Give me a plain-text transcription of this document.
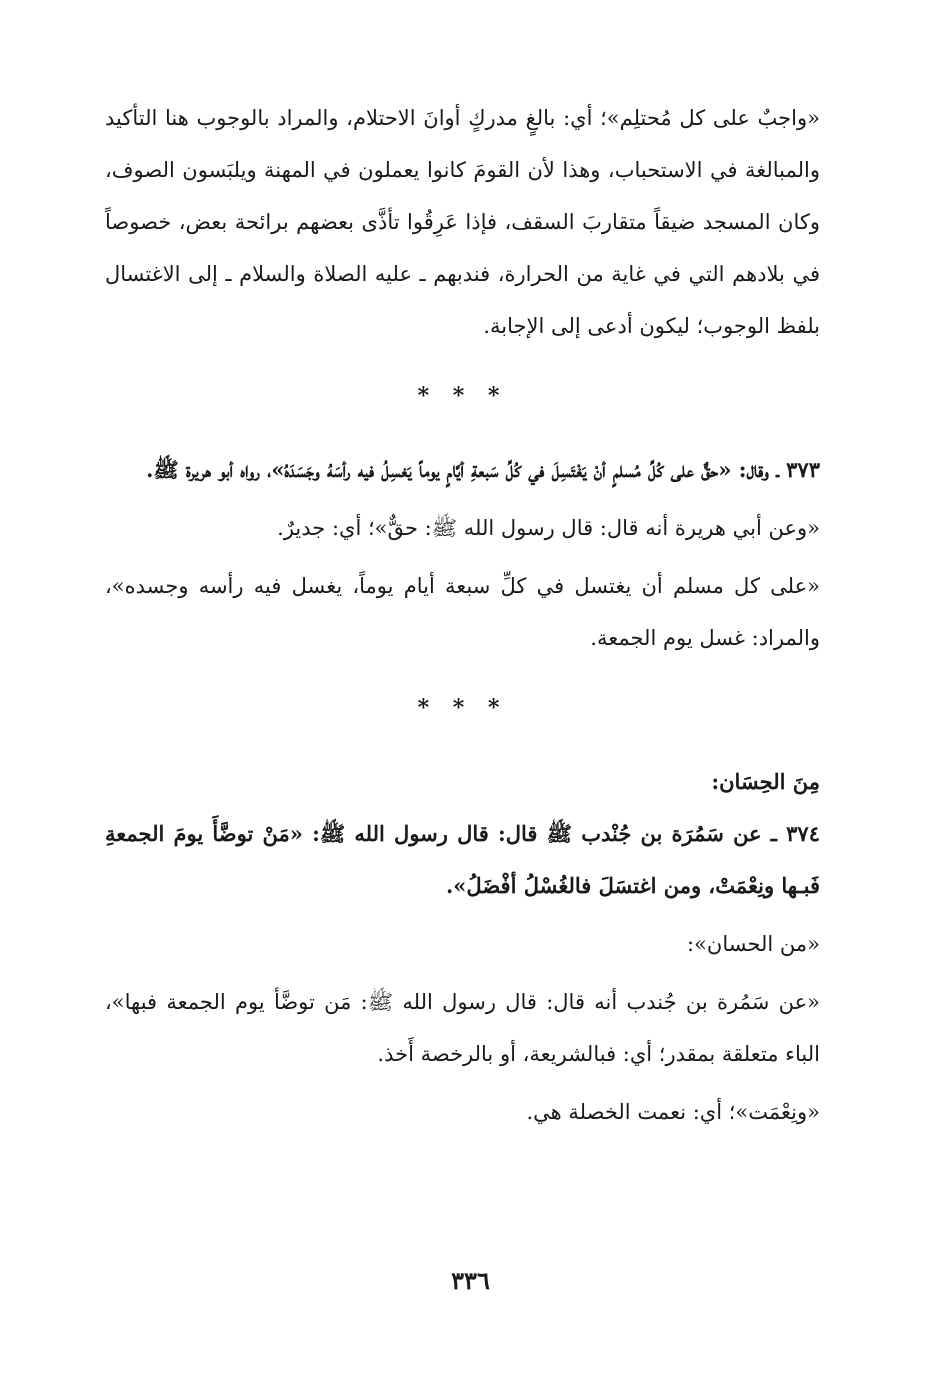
«واجبٌ على كل مُحتلِم»؛ أي: بالغٍ مدركٍ أوانَ الاحتلام، والمراد بالوجوب هنا التأكيد والمبالغة في الاستحباب، وهذا لأن القومَ كانوا يعملون في المهنة ويلبَسون الصوف، وكان المسجد ضيقاً متقاربَ السقف، فإذا عَرِقُوا تأذَّى بعضهم برائحة بعض، خصوصاً في بلادهم التي في غاية من الحرارة، فندبهم ـ عليه الصلاة والسلام ـ إلى الاغتسال بلفظ الوجوب؛ ليكون أدعى إلى الإجابة.

* * *

٣٧٣ ـ وقال: «حقٌّ على كُلِّ مُسلمٍ أنْ يَغْتَسِلَ في كُلِّ سَبعةِ أيَّامٍ يوماً يَغسِلُ فيه رأسَهُ وجَسَدَهُ»، رواه أبو هريرة ﷺ.

«وعن أبي هريرة أنه قال: قال رسول الله ﷺ: حقٌّ»؛ أي: جديرٌ.

«على كل مسلم أن يغتسل في كلِّ سبعة أيام يوماً، يغسل فيه رأسه وجسده»، والمراد: غسل يوم الجمعة.

* * *
مِنَ الحِسَان:

٣٧٤ ـ عن سَمُرَة بن جُنْدب ﷺ قال: قال رسول الله ﷺ: «مَنْ توضَّأَ يومَ الجمعةِ فَبـها ونِعْمَتْ، ومن اغتسَلَ فالغُسْلُ أفْضَلُ».

«من الحسان»:

«عن سَمُرة بن جُندب أنه قال: قال رسول الله ﷺ: مَن توضَّأ يوم الجمعة فبها»، الباء متعلقة بمقدر؛ أي: فبالشريعة، أو بالرخصة أَخذ.

«ونِعْمَت»؛ أي: نعمت الخصلة هي.

٣٣٦
